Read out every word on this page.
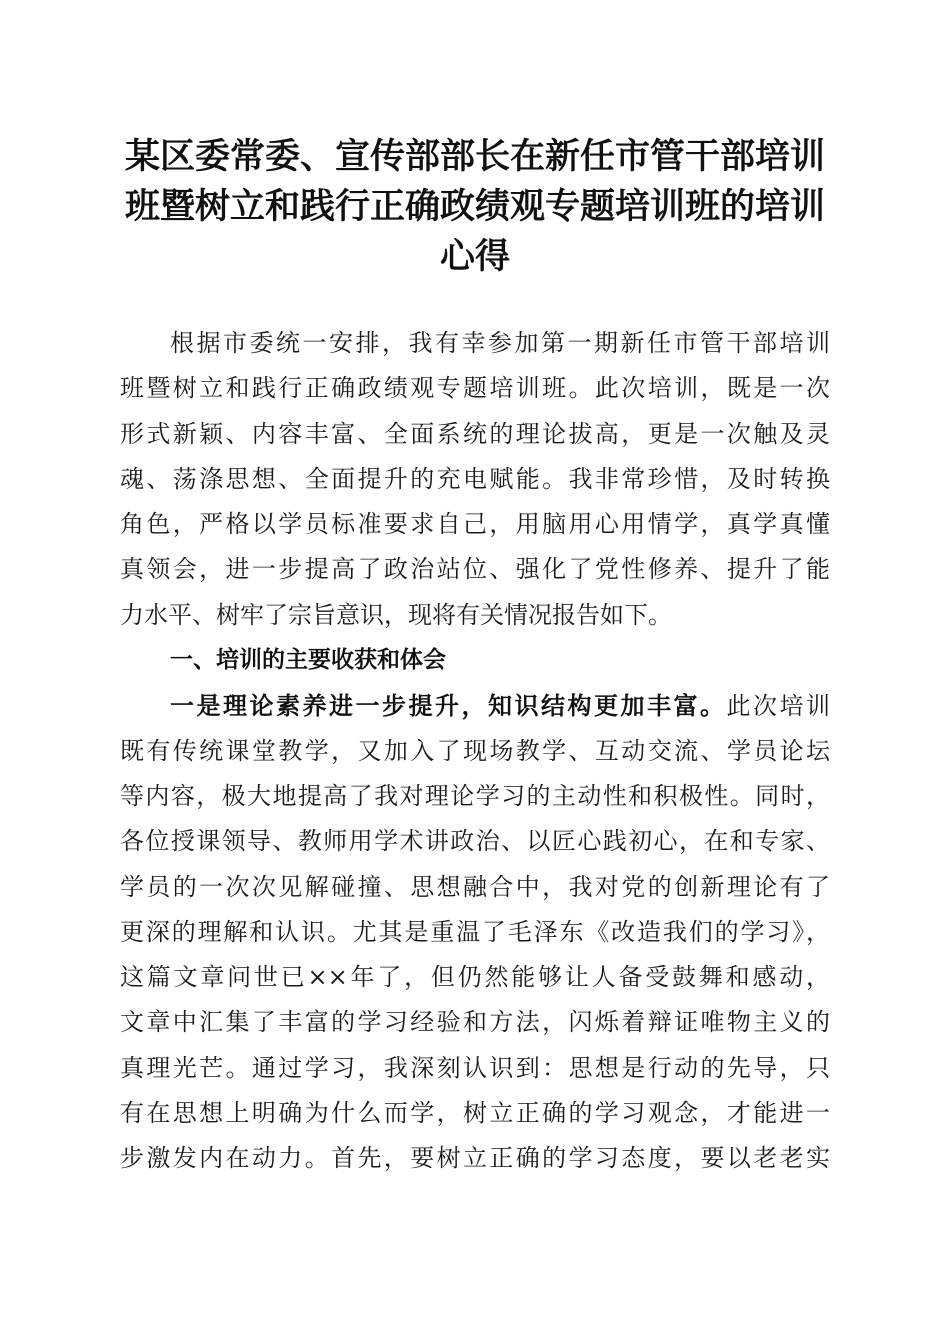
某区委常委、宣传部部长在新任市管干部培训
班暨树立和践行正确政绩观专题培训班的培训
心得
根据市委统一安排，我有幸参加第一期新任市管干部培训
班暨树立和践行正确政绩观专题培训班。此次培训，既是一次
形式新颖、内容丰富、全面系统的理论拔高，更是一次触及灵
魂、荡涤思想、全面提升的充电赋能。我非常珍惜，及时转换
角色，严格以学员标准要求自己，用脑用心用情学，真学真懂
真领会，进一步提高了政治站位、强化了党性修养、提升了能
力水平、树牢了宗旨意识，现将有关情况报告如下。
一、培训的主要收获和体会
一是理论素养进一步提升，知识结构更加丰富。此次培训
既有传统课堂教学，又加入了现场教学、互动交流、学员论坛
等内容，极大地提高了我对理论学习的主动性和积极性。同时，
各位授课领导、教师用学术讲政治、以匠心践初心，在和专家、
学员的一次次见解碰撞、思想融合中，我对党的创新理论有了
更深的理解和认识。尤其是重温了毛泽东《改造我们的学习》，
这篇文章问世已××年了，但仍然能够让人备受鼓舞和感动，
文章中汇集了丰富的学习经验和方法，闪烁着辩证唯物主义的
真理光芒。通过学习，我深刻认识到：思想是行动的先导，只
有在思想上明确为什么而学，树立正确的学习观念，才能进一
步激发内在动力。首先，要树立正确的学习态度，要以老老实
